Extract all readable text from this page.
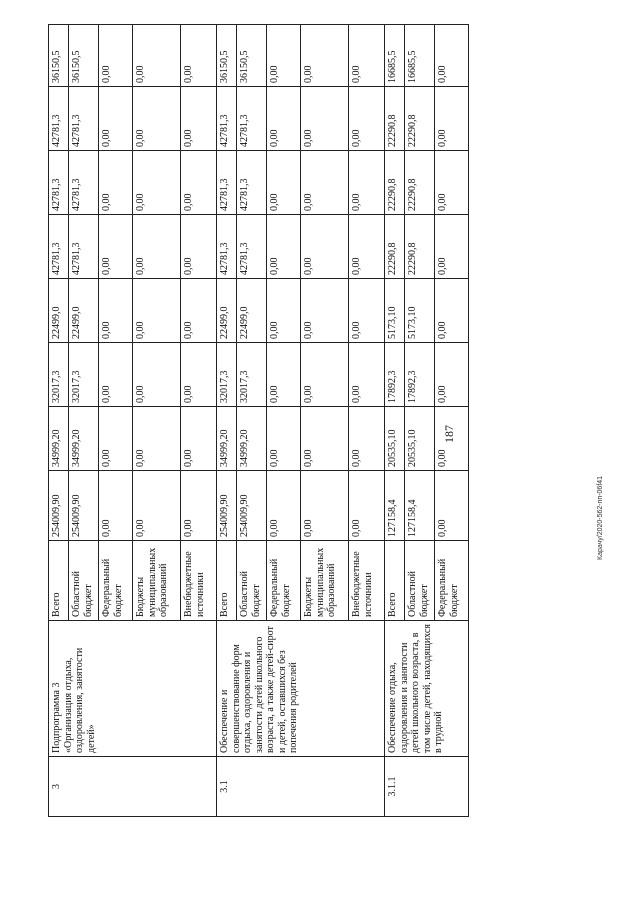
187
Карачу/2020-562-пп-06f41
3	Подпрограмма 3 «Организация отдыха, оздоровления, занятости детей»	Всего	254009,90	34999,20	32017,3	22499,0	42781,3	42781,3	42781,3	36150,5
		Областной бюджет	254009,90	34999,20	32017,3	22499,0	42781,3	42781,3	42781,3	36150,5
		Федеральный бюджет	0,00	0,00	0,00	0,00	0,00	0,00	0,00	0,00
		Бюджеты муниципальных образований	0,00	0,00	0,00	0,00	0,00	0,00	0,00	0,00
		Внебюджетные источники	0,00	0,00	0,00	0,00	0,00	0,00	0,00	0,00
3.1	Обеспечение и совершенствование форм отдыха, оздоровления и занятости детей школьного возраста, а также детей-сирот и детей, оставшихся без попечения родителей	Всего	254009,90	34999,20	32017,3	22499,0	42781,3	42781,3	42781,3	36150,5
		Областной бюджет	254009,90	34999,20	32017,3	22499,0	42781,3	42781,3	42781,3	36150,5
		Федеральный бюджет	0,00	0,00	0,00	0,00	0,00	0,00	0,00	0,00
		Бюджеты муниципальных образований	0,00	0,00	0,00	0,00	0,00	0,00	0,00	0,00
		Внебюджетные источники	0,00	0,00	0,00	0,00	0,00	0,00	0,00	0,00
3.1.1	Обеспечение отдыха, оздоровления и занятости детей школьного возраста, в том числе детей, находящихся в трудной	Всего	127158,4	20535,10	17892,3	5173,10	22290,8	22290,8	22290,8	16685,5
		Областной бюджет	127158,4	20535,10	17892,3	5173,10	22290,8	22290,8	22290,8	16685,5
		Федеральный бюджет	0,00	0,00	0,00	0,00	0,00	0,00	0,00	0,00
